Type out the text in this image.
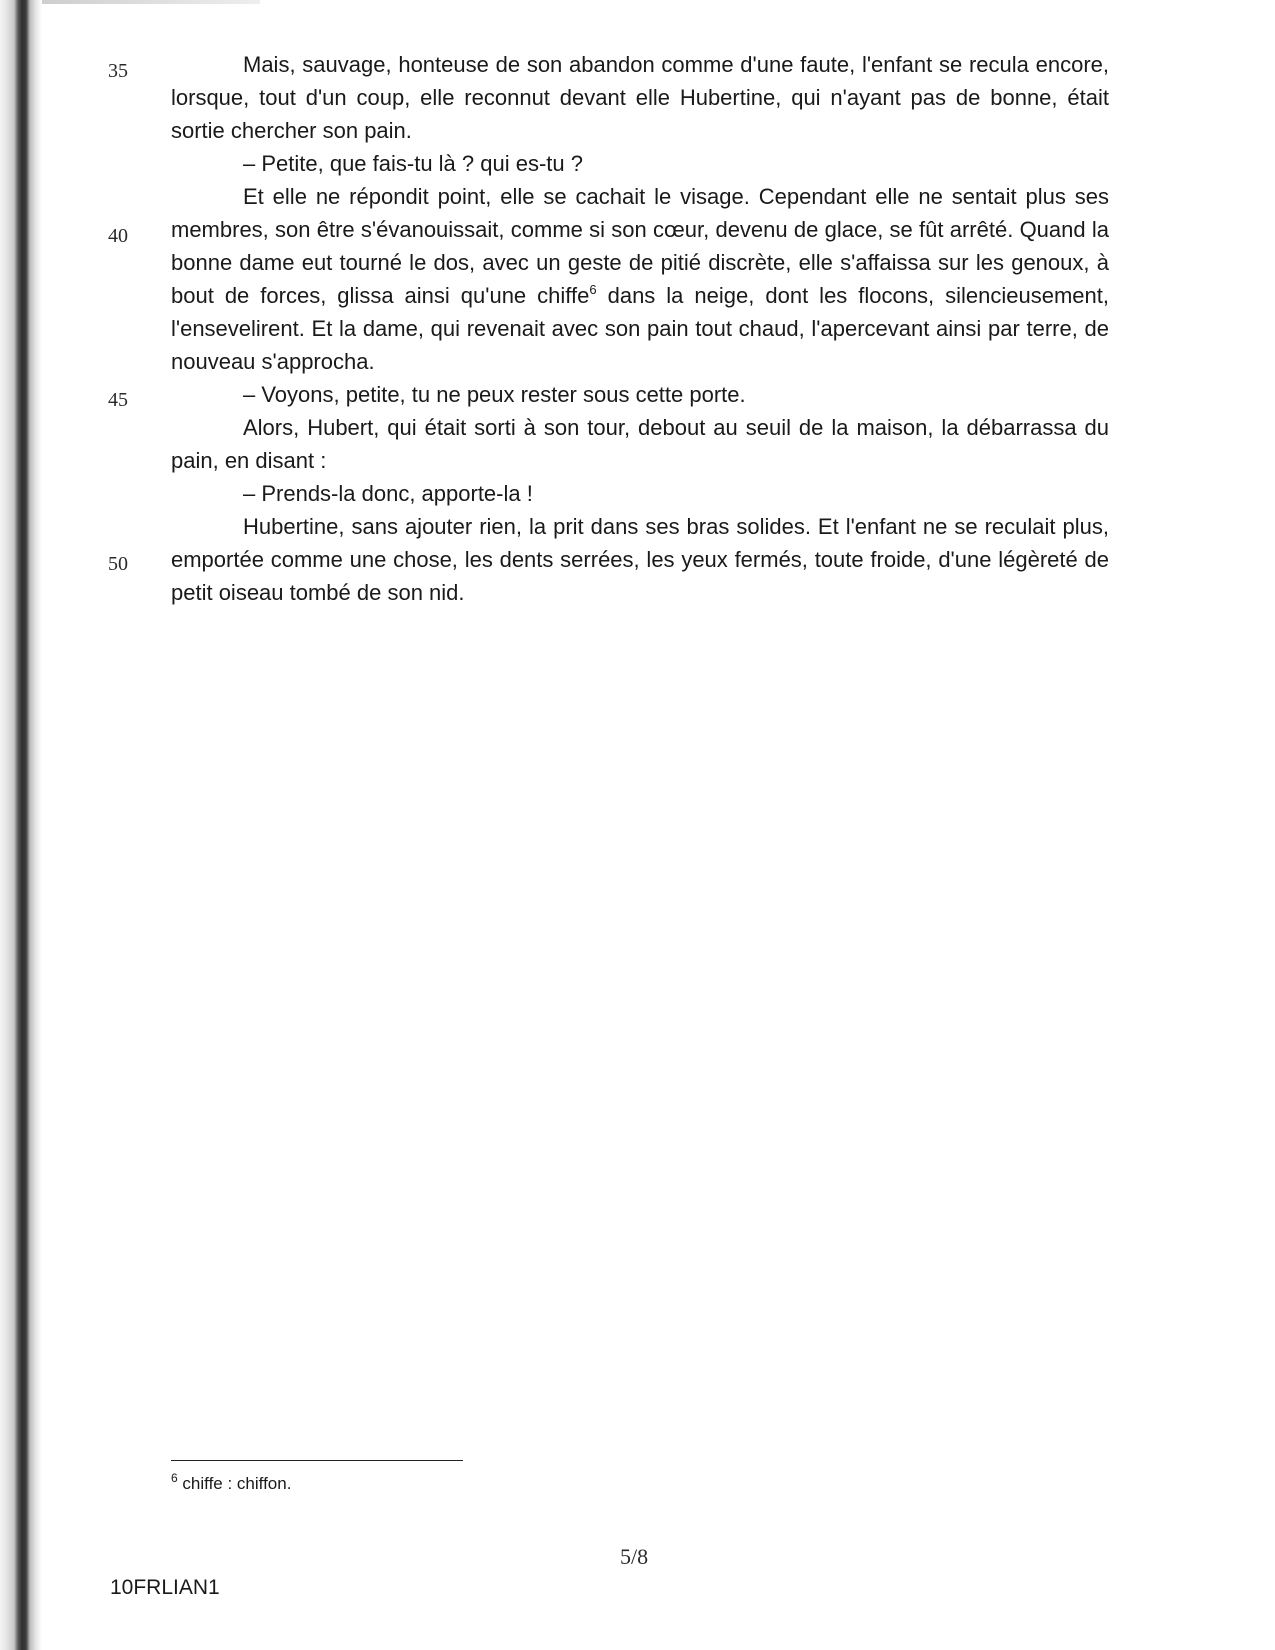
35
40
45
50

Mais, sauvage, honteuse de son abandon comme d'une faute, l'enfant se recula encore, lorsque, tout d'un coup, elle reconnut devant elle Hubertine, qui n'ayant pas de bonne, était sortie chercher son pain.

– Petite, que fais-tu là ? qui es-tu ?

Et elle ne répondit point, elle se cachait le visage. Cependant elle ne sentait plus ses membres, son être s'évanouissait, comme si son cœur, devenu de glace, se fût arrêté. Quand la bonne dame eut tourné le dos, avec un geste de pitié discrète, elle s'affaissa sur les genoux, à bout de forces, glissa ainsi qu'une chiffe$^6$ dans la neige, dont les flocons, silencieusement, l'ensevelirent. Et la dame, qui revenait avec son pain tout chaud, l'apercevant ainsi par terre, de nouveau s'approcha.

– Voyons, petite, tu ne peux rester sous cette porte.

Alors, Hubert, qui était sorti à son tour, debout au seuil de la maison, la débarrassa du pain, en disant :

– Prends-la donc, apporte-la !

Hubertine, sans ajouter rien, la prit dans ses bras solides. Et l'enfant ne se reculait plus, emportée comme une chose, les dents serrées, les yeux fermés, toute froide, d'une légèreté de petit oiseau tombé de son nid.

$^6$ chiffe : chiffon.
5/8
10FRLIAN1
